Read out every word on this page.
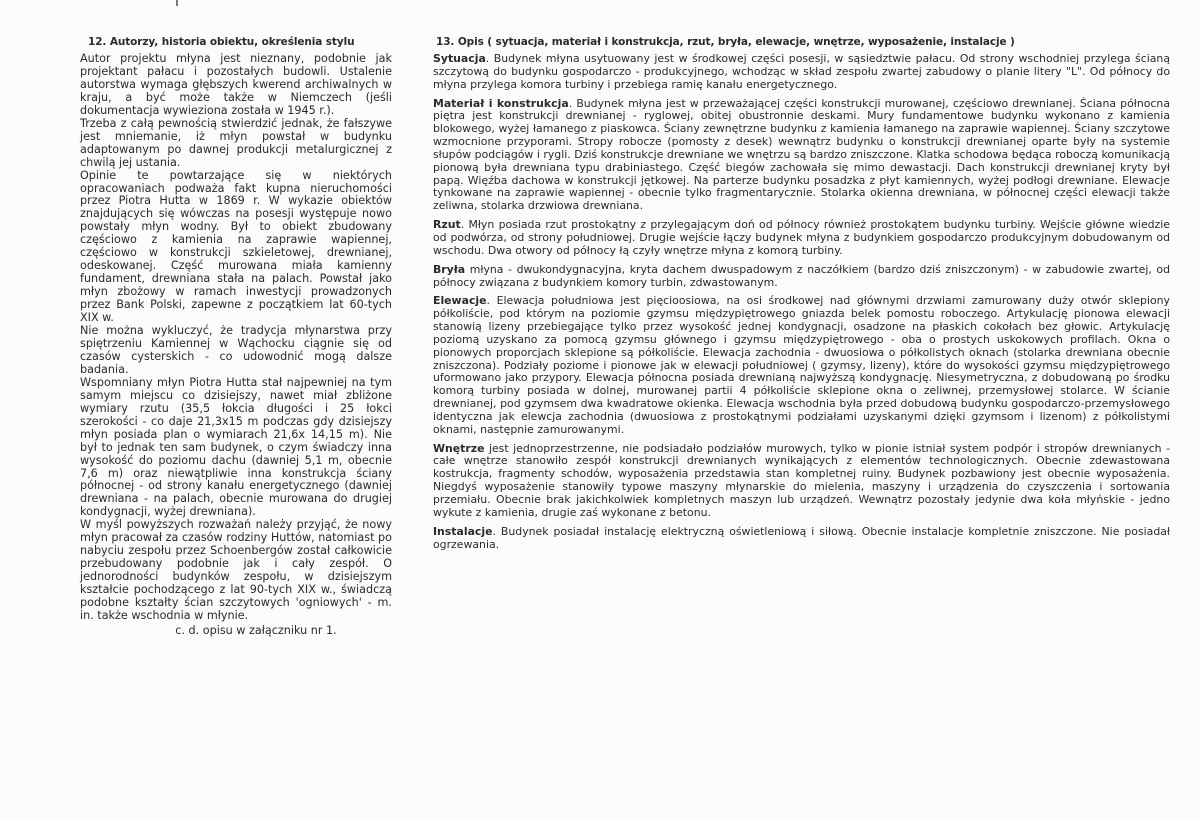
12. Autorzy, historia obiektu, określenia stylu

Autor projektu młyna jest nieznany, podobnie jak projektant pałacu i pozostałych budowli. Ustalenie autorstwa wymaga głębszych kwerend archiwalnych w kraju, a być może także w Niemczech (jeśli dokumentacja wywieziona została w 1945 r.).

Trzeba z całą pewnością stwierdzić jednak, że fałszywe jest mniemanie, iż młyn powstał w budynku adaptowanym po dawnej produkcji metalurgicznej z chwilą jej ustania.

Opinie te powtarzające się w niektórych opracowaniach podważa fakt kupna nieruchomości przez Piotra Hutta w 1869 r. W wykazie obiektów znajdujących się wówczas na posesji występuje nowo powstały młyn wodny. Był to obiekt zbudowany częściowo z kamienia na zaprawie wapiennej, częściowo w konstrukcji szkieletowej, drewnianej, odeskowanej. Część murowana miała kamienny fundament, drewniana stała na palach. Powstał jako młyn zbożowy w ramach inwestycji prowadzonych przez Bank Polski, zapewne z początkiem lat 60-tych XIX w.

Nie można wykluczyć, że tradycja młynarstwa przy spiętrzeniu Kamiennej w Wąchocku ciągnie się od czasów cysterskich - co udowodnić mogą dalsze badania.

Wspomniany młyn Piotra Hutta stał najpewniej na tym samym miejscu co dzisiejszy, nawet miał zbliżone wymiary rzutu (35,5 łokcia długości i 25 łokci szerokości - co daje 21,3x15 m podczas gdy dzisiejszy młyn posiada plan o wymiarach 21,6x 14,15 m). Nie był to jednak ten sam budynek, o czym świadczy inna wysokość do poziomu dachu (dawniej 5,1 m, obecnie 7,6 m) oraz niewątpliwie inna konstrukcja ściany północnej - od strony kanału energetycznego (dawniej drewniana - na palach, obecnie murowana do drugiej kondygnacji, wyżej drewniana).

W myśl powyższych rozważań należy przyjąć, że nowy młyn pracował za czasów rodziny Huttów, natomiast po nabyciu zespołu przez Schoenbergów został całkowicie przebudowany podobnie jak i cały zespół. O jednorodności budynków zespołu, w dzisiejszym kształcie pochodzącego z lat 90-tych XIX w., świadczą podobne kształty ścian szczytowych 'ogniowych' - m. in. także wschodnia w młynie.

c. d. opisu w załączniku nr 1.
13. Opis ( sytuacja, materiał i konstrukcja, rzut, bryła, elewacje, wnętrze, wyposażenie, instalacje )

Sytuacja. Budynek młyna usytuowany jest w środkowej części posesji, w sąsiedztwie pałacu. Od strony wschodniej przylega ścianą szczytową do budynku gospodarczo - produkcyjnego, wchodząc w skład zespołu zwartej zabudowy o planie litery "L". Od północy do młyna przylega komora turbiny i przebiega ramię kanału energetycznego.

Materiał i konstrukcja. Budynek młyna jest w przeważającej części konstrukcji murowanej, częściowo drewnianej. Ściana północna piętra jest konstrukcji drewnianej - ryglowej, obitej obustronnie deskami. Mury fundamentowe budynku wykonano z kamienia blokowego, wyżej łamanego z piaskowca. Ściany zewnętrzne budynku z kamienia łamanego na zaprawie wapiennej. Ściany szczytowe wzmocnione przyporami. Stropy robocze (pomosty z desek) wewnątrz budynku o konstrukcji drewnianej oparte były na systemie słupów podciągów i rygli. Dziś konstrukcje drewniane we wnętrzu są bardzo zniszczone. Klatka schodowa będąca roboczą komunikacją pionową była drewniana typu drabiniastego. Część biegów zachowała się mimo dewastacji. Dach konstrukcji drewnianej kryty był papą. Więźba dachowa w konstrukcji jętkowej. Na parterze budynku posadzka z płyt kamiennych, wyżej podłogi drewniane. Elewacje tynkowane na zaprawie wapiennej - obecnie tylko fragmentarycznie. Stolarka okienna drewniana, w północnej części elewacji także zeliwna, stolarka drzwiowa drewniana.

Rzut. Młyn posiada rzut prostokątny z przylegającym doń od północy również prostokątem budynku turbiny. Wejście główne wiedzie od podwórza, od strony południowej. Drugie wejście łączy budynek młyna z budynkiem gospodarczo produkcyjnym dobudowanym od wschodu. Dwa otwory od północy łą czyły wnętrze młyna z komorą turbiny.

Bryła młyna - dwukondygnacyjna, kryta dachem dwuspadowym z naczółkiem (bardzo dziś zniszczonym) - w zabudowie zwartej, od północy związana z budynkiem komory turbin, zdwastowanym.

Elewacje. Elewacja południowa jest pięcioosiowa, na osi środkowej nad głównymi drzwiami zamurowany duży otwór sklepiony półkoliście, pod którym na poziomie gzymsu międzypiętrowego gniazda belek pomostu roboczego. Artykulację pionowa elewacji stanowią lizeny przebiegające tylko przez wysokość jednej kondygnacji, osadzone na płaskich cokołach bez głowic. Artykulację poziomą uzyskano za pomocą gzymsu głównego i gzymsu międzypiętrowego - oba o prostych uskokowych profilach. Okna o pionowych proporcjach sklepione są półkoliście. Elewacja zachodnia - dwuosiowa o półkolistych oknach (stolarka drewniana obecnie zniszczona). Podziały poziome i pionowe jak w elewacji południowej ( gzymsy, lizeny), które do wysokości gzymsu międzypiętrowego uformowano jako przypory. Elewacja północna posiada drewnianą najwyższą kondygnację. Niesymetryczna, z dobudowaną po środku komorą turbiny posiada w dolnej, murowanej partii 4 półkoliście sklepione okna o zeliwnej, przemysłowej stolarce. W ścianie drewnianej, pod gzymsem dwa kwadratowe okienka. Elewacja wschodnia była przed dobudową budynku gospodarczo-przemysłowego identyczna jak elewcja zachodnia (dwuosiowa z prostokątnymi podziałami uzyskanymi dzięki gzymsom i lizenom) z półkolistymi oknami, następnie zamurowanymi.

Wnętrze jest jednoprzestrzenne, nie podsiadało podziałów murowych, tylko w pionie istniał system podpór i stropów drewnianych - całe wnętrze stanowiło zespół konstrukcji drewnianych wynikających z elementów technologicznych. Obecnie zdewastowana kostrukcja, fragmenty schodów, wyposażenia przedstawia stan kompletnej ruiny. Budynek pozbawiony jest obecnie wyposażenia. Niegdyś wyposażenie stanowiły typowe maszyny młynarskie do mielenia, maszyny i urządzenia do czyszczenia i sortowania przemiału. Obecnie brak jakichkolwiek kompletnych maszyn lub urządzeń. Wewnątrz pozostały jedynie dwa koła młyńskie - jedno wykute z kamienia, drugie zaś wykonane z betonu.

Instalacje. Budynek posiadał instalację elektryczną oświetleniową i siłową. Obecnie instalacje kompletnie zniszczone. Nie posiadał ogrzewania.
